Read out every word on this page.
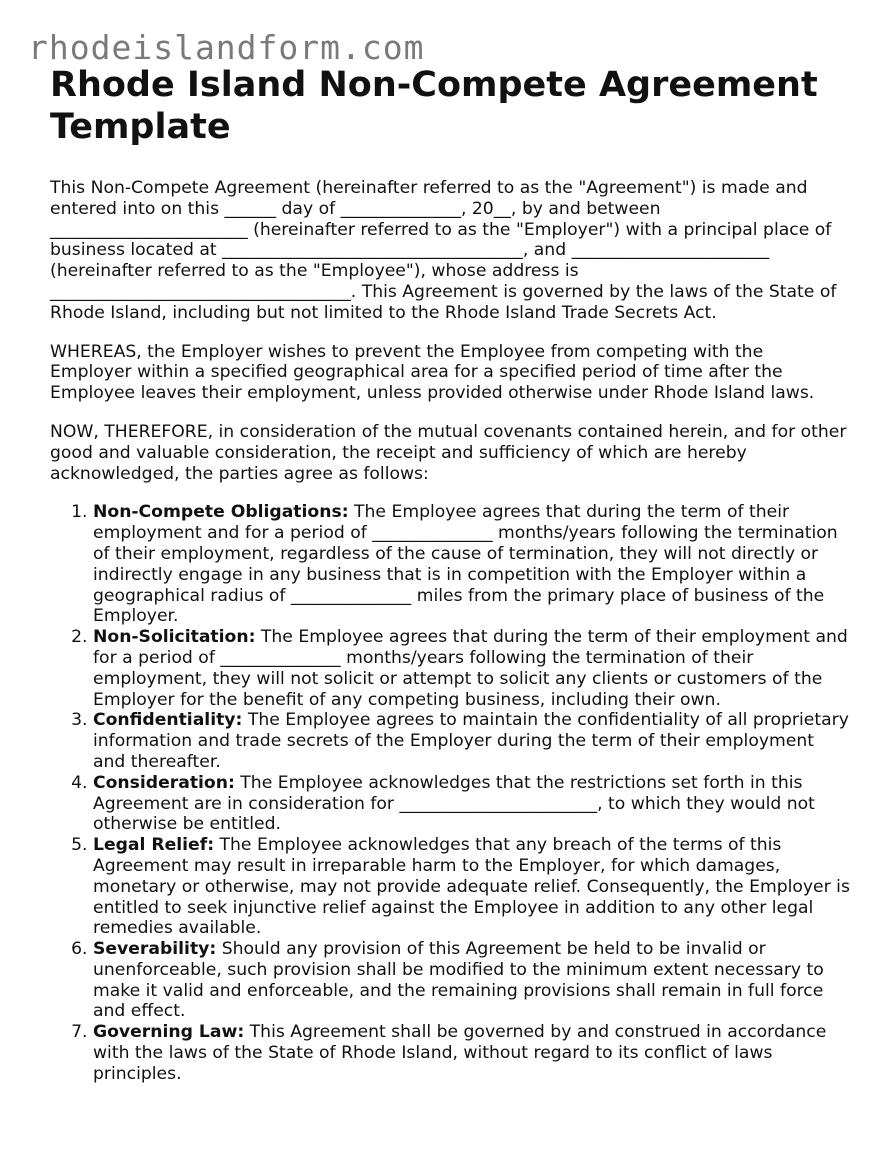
rhodeislandform.com
Rhode Island Non-Compete Agreement Template

This Non-Compete Agreement (hereinafter referred to as the "Agreement") is made and entered into on this ______ day of ______________, 20__, by and between _______________________ (hereinafter referred to as the "Employer") with a principal place of business located at ___________________________________, and _______________________ (hereinafter referred to as the "Employee"), whose address is ___________________________________. This Agreement is governed by the laws of the State of Rhode Island, including but not limited to the Rhode Island Trade Secrets Act.

WHEREAS, the Employer wishes to prevent the Employee from competing with the Employer within a specified geographical area for a specified period of time after the Employee leaves their employment, unless provided otherwise under Rhode Island laws.

NOW, THEREFORE, in consideration of the mutual covenants contained herein, and for other good and valuable consideration, the receipt and sufficiency of which are hereby acknowledged, the parties agree as follows:

1. Non-Compete Obligations: The Employee agrees that during the term of their employment and for a period of ______________ months/years following the termination of their employment, regardless of the cause of termination, they will not directly or indirectly engage in any business that is in competition with the Employer within a geographical radius of ______________ miles from the primary place of business of the Employer.
2. Non-Solicitation: The Employee agrees that during the term of their employment and for a period of ______________ months/years following the termination of their employment, they will not solicit or attempt to solicit any clients or customers of the Employer for the benefit of any competing business, including their own.
3. Confidentiality: The Employee agrees to maintain the confidentiality of all proprietary information and trade secrets of the Employer during the term of their employment and thereafter.
4. Consideration: The Employee acknowledges that the restrictions set forth in this Agreement are in consideration for _______________________, to which they would not otherwise be entitled.
5. Legal Relief: The Employee acknowledges that any breach of the terms of this Agreement may result in irreparable harm to the Employer, for which damages, monetary or otherwise, may not provide adequate relief. Consequently, the Employer is entitled to seek injunctive relief against the Employee in addition to any other legal remedies available.
6. Severability: Should any provision of this Agreement be held to be invalid or unenforceable, such provision shall be modified to the minimum extent necessary to make it valid and enforceable, and the remaining provisions shall remain in full force and effect.
7. Governing Law: This Agreement shall be governed by and construed in accordance with the laws of the State of Rhode Island, without regard to its conflict of laws principles.
